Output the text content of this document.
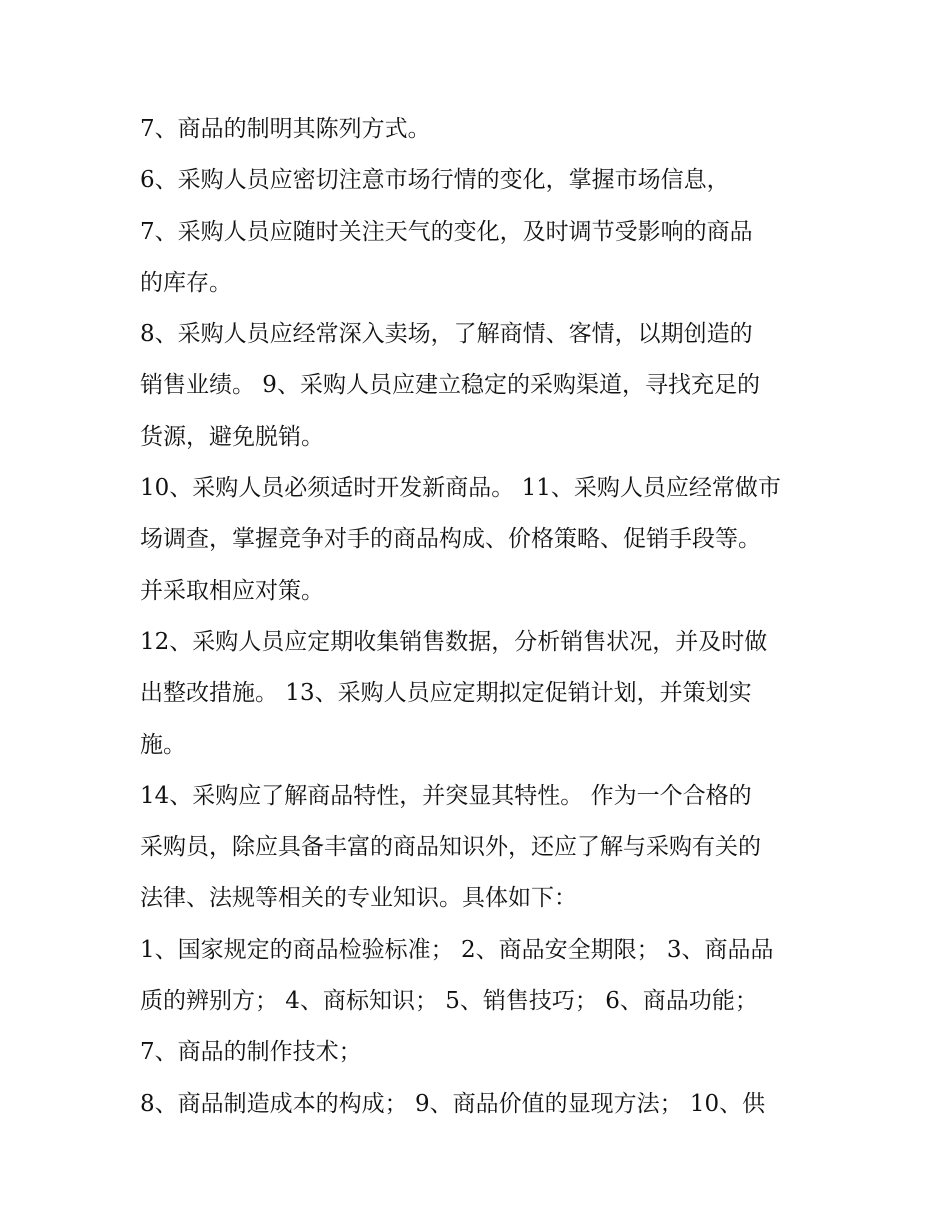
7、商品的制明其陈列方式。
6、采购人员应密切注意市场行情的变化，掌握市场信息，
7、采购人员应随时关注天气的变化，及时调节受影响的商品
的库存。
8、采购人员应经常深入卖场，了解商情、客情，以期创造的
销售业绩。 9、采购人员应建立稳定的采购渠道，寻找充足的
货源，避免脱销。
10、采购人员必须适时开发新商品。 11、采购人员应经常做市
场调查，掌握竞争对手的商品构成、价格策略、促销手段等。
并采取相应对策。
12、采购人员应定期收集销售数据，分析销售状况，并及时做
出整改措施。 13、采购人员应定期拟定促销计划，并策划实
施。
14、采购应了解商品特性，并突显其特性。 作为一个合格的
采购员，除应具备丰富的商品知识外，还应了解与采购有关的
法律、法规等相关的专业知识。具体如下：
1、国家规定的商品检验标准； 2、商品安全期限； 3、商品品
质的辨别方； 4、商标知识； 5、销售技巧； 6、商品功能；
7、商品的制作技术；
8、商品制造成本的构成； 9、商品价值的显现方法； 10、供
